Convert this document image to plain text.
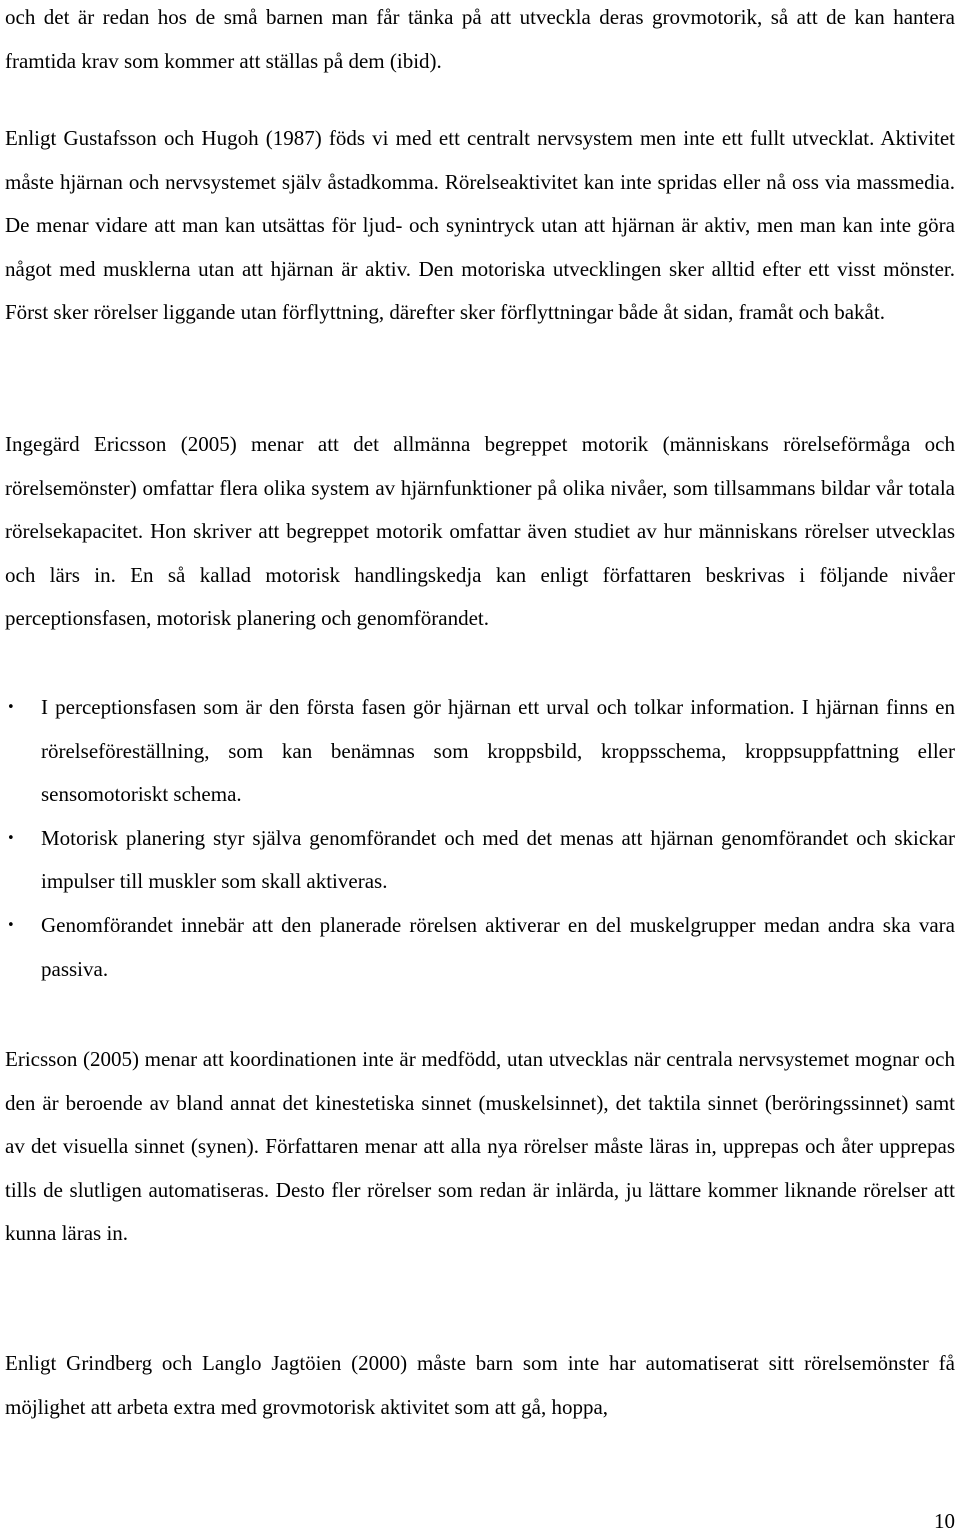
och det är redan hos de små barnen man får tänka på att utveckla deras grovmotorik, så att de kan hantera framtida krav som kommer att ställas på dem (ibid).

Enligt Gustafsson och Hugoh (1987) föds vi med ett centralt nervsystem men inte ett fullt utvecklat. Aktivitet måste hjärnan och nervsystemet själv åstadkomma. Rörelseaktivitet kan inte spridas eller nå oss via massmedia. De menar vidare att man kan utsättas för ljud- och synintryck utan att hjärnan är aktiv, men man kan inte göra något med musklerna utan att hjärnan är aktiv. Den motoriska utvecklingen sker alltid efter ett visst mönster. Först sker rörelser liggande utan förflyttning, därefter sker förflyttningar både åt sidan, framåt och bakåt.

Ingegärd Ericsson (2005) menar att det allmänna begreppet motorik (människans rörelseförmåga och rörelsemönster) omfattar flera olika system av hjärnfunktioner på olika nivåer, som tillsammans bildar vår totala rörelsekapacitet. Hon skriver att begreppet motorik omfattar även studiet av hur människans rörelser utvecklas och lärs in. En så kallad motorisk handlingskedja kan enligt författaren beskrivas i följande nivåer perceptionsfasen, motorisk planering och genomförandet.

• I perceptionsfasen som är den första fasen gör hjärnan ett urval och tolkar information. I hjärnan finns en rörelseföreställning, som kan benämnas som kroppsbild, kroppsschema, kroppsuppfattning eller sensomotoriskt schema.
• Motorisk planering styr själva genomförandet och med det menas att hjärnan genomförandet och skickar impulser till muskler som skall aktiveras.
• Genomförandet innebär att den planerade rörelsen aktiverar en del muskelgrupper medan andra ska vara passiva.

Ericsson (2005) menar att koordinationen inte är medfödd, utan utvecklas när centrala nervsystemet mognar och den är beroende av bland annat det kinestetiska sinnet (muskelsinnet), det taktila sinnet (beröringssinnet) samt av det visuella sinnet (synen). Författaren menar att alla nya rörelser måste läras in, upprepas och åter upprepas tills de slutligen automatiseras. Desto fler rörelser som redan är inlärda, ju lättare kommer liknande rörelser att kunna läras in.

Enligt Grindberg och Langlo Jagtöien (2000) måste barn som inte har automatiserat sitt rörelsemönster få möjlighet att arbeta extra med grovmotorisk aktivitet som att gå, hoppa,

10
